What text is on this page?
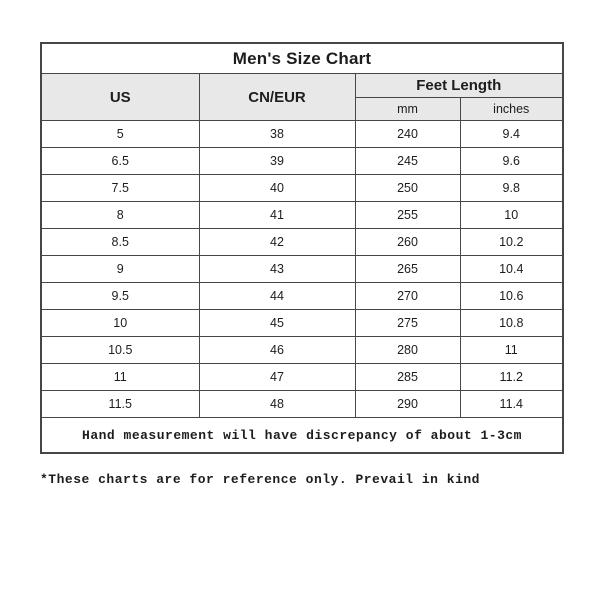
Men's Size Chart			
US	CN/EUR	Feet Length	
		mm	inches
5	38	240	9.4
6.5	39	245	9.6
7.5	40	250	9.8
8	41	255	10
8.5	42	260	10.2
9	43	265	10.4
9.5	44	270	10.6
10	45	275	10.8
10.5	46	280	11
11	47	285	11.2
11.5	48	290	11.4
Hand measurement will have discrepancy of about 1-3cm			
*These charts are for reference only. Prevail in kind
